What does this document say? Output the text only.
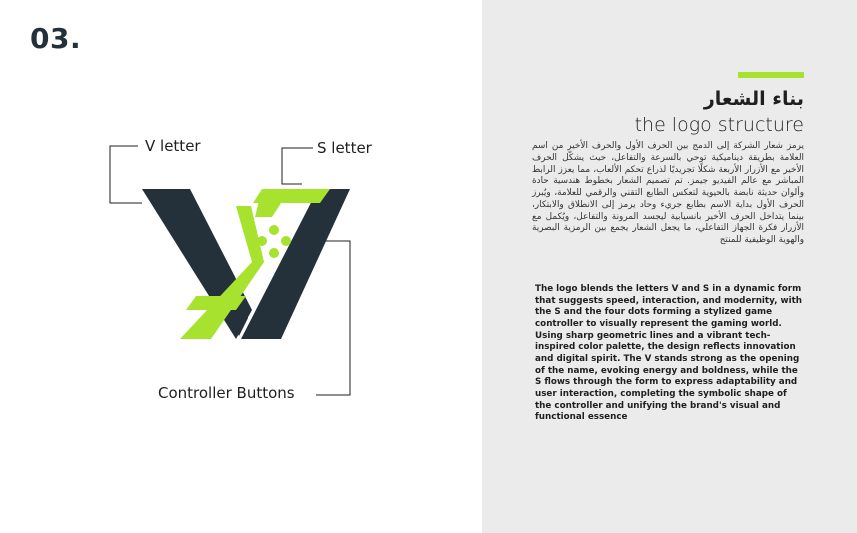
03.
V letter	S letter
Controller Buttons
بناء الشعار
the logo structure
يرمز شعار الشركة إلى الدمج بين الحرف الأول والحرف الأخير من اسم العلامة بطريقة ديناميكية توحي بالسرعة والتفاعل، حيث يشكّل الحرف الأخير مع الأزرار الأربعة شكلًا تجريديًا لذراع تحكم الألعاب، مما يعزز الرابط المباشر مع عالم الفيديو جيمز. تم تصميم الشعار بخطوط هندسية حادة وألوان حديثة نابضة بالحيوية لتعكس الطابع التقني والرقمي للعلامة، ويُبرز الحرف الأول بداية الاسم بطابع جريء وحاد يرمز إلى الانطلاق والابتكار، بينما يتداخل الحرف الأخير بانسيابية ليجسد المرونة والتفاعل، ويُكمل مع الأزرار فكرة الجهاز التفاعلي، ما يجعل الشعار يجمع بين الرمزية البصرية والهوية الوظيفية للمنتج
The logo blends the letters V and S in a dynamic form that suggests speed, interaction, and modernity, with the S and the four dots forming a stylized game controller to visually represent the gaming world. Using sharp geometric lines and a vibrant tech-inspired color palette, the design reflects innovation and digital spirit. The V stands strong as the opening of the name, evoking energy and boldness, while the S flows through the form to express adaptability and user interaction, completing the symbolic shape of the controller and unifying the brand's visual and functional essence
